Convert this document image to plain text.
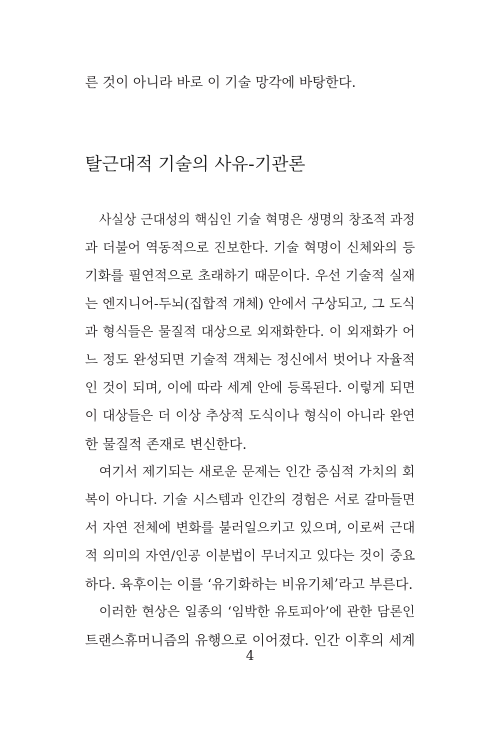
른 것이 아니라 바로 이 기술 망각에 바탕한다.
탈근대적 기술의 사유-기관론
사실상 근대성의 핵심인 기술 혁명은 생명의 창조적 과정
과 더불어 역동적으로 진보한다. 기술 혁명이 신체와의 등
기화를 필연적으로 초래하기 때문이다. 우선 기술적 실재
는 엔지니어-두뇌(집합적 개체) 안에서 구상되고, 그 도식
과 형식들은 물질적 대상으로 외재화한다. 이 외재화가 어
느 정도 완성되면 기술적 객체는 정신에서 벗어나 자율적
인 것이 되며, 이에 따라 세계 안에 등록된다. 이렇게 되면
이 대상들은 더 이상 추상적 도식이나 형식이 아니라 완연
한 물질적 존재로 변신한다.
여기서 제기되는 새로운 문제는 인간 중심적 가치의 회
복이 아니다. 기술 시스템과 인간의 경험은 서로 갈마들면
서 자연 전체에 변화를 불러일으키고 있으며, 이로써 근대
적 의미의 자연/인공 이분법이 무너지고 있다는 것이 중요
하다. 육후이는 이를 ‘유기화하는 비유기체’라고 부른다.
이러한 현상은 일종의 ‘임박한 유토피아’에 관한 담론인
트랜스휴머니즘의 유행으로 이어졌다. 인간 이후의 세계
4
